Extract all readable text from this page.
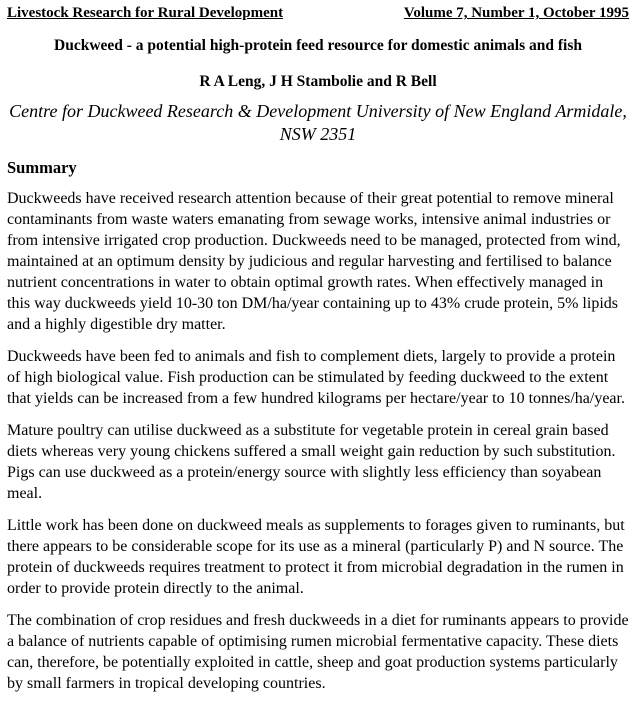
Livestock Research for Rural Development	Volume 7, Number 1, October 1995
Duckweed - a potential high-protein feed resource for domestic animals and fish
R A Leng, J H Stambolie and R Bell
Centre for Duckweed Research & Development University of New England Armidale, NSW 2351
Summary

Duckweeds have received research attention because of their great potential to remove mineral contaminants from waste waters emanating from sewage works, intensive animal industries or from intensive irrigated crop production. Duckweeds need to be managed, protected from wind, maintained at an optimum density by judicious and regular harvesting and fertilised to balance nutrient concentrations in water to obtain optimal growth rates. When effectively managed in this way duckweeds yield 10-30 ton DM/ha/year containing up to 43% crude protein, 5% lipids and a highly digestible dry matter.

Duckweeds have been fed to animals and fish to complement diets, largely to provide a protein of high biological value. Fish production can be stimulated by feeding duckweed to the extent that yields can be increased from a few hundred kilograms per hectare/year to 10 tonnes/ha/year.

Mature poultry can utilise duckweed as a substitute for vegetable protein in cereal grain based diets whereas very young chickens suffered a small weight gain reduction by such substitution. Pigs can use duckweed as a protein/energy source with slightly less efficiency than soyabean meal.

Little work has been done on duckweed meals as supplements to forages given to ruminants, but there appears to be considerable scope for its use as a mineral (particularly P) and N source. The protein of duckweeds requires treatment to protect it from microbial degradation in the rumen in order to provide protein directly to the animal.

The combination of crop residues and fresh duckweeds in a diet for ruminants appears to provide a balance of nutrients capable of optimising rumen microbial fermentative capacity. These diets can, therefore, be potentially exploited in cattle, sheep and goat production systems particularly by small farmers in tropical developing countries.
